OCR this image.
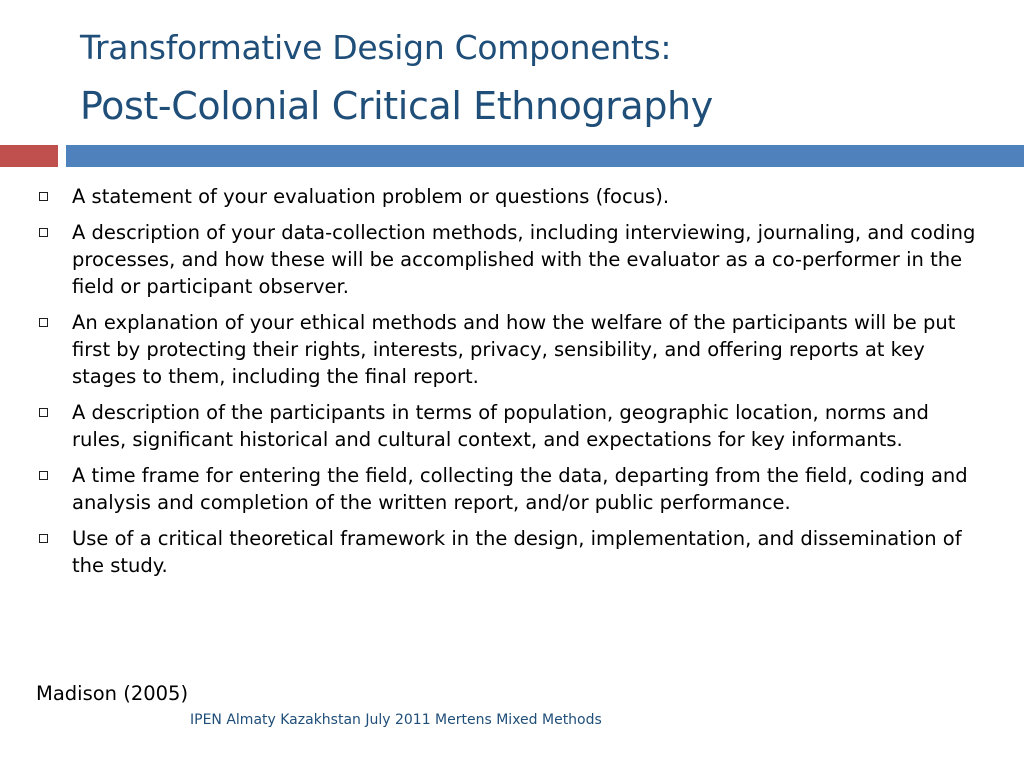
Transformative Design Components:
Post-Colonial Critical Ethnography
A statement of your evaluation problem or questions (focus).
A description of your data-collection methods, including interviewing, journaling, and coding processes, and how these will be accomplished with the evaluator as a co-performer in the field or participant observer.
An explanation of your ethical methods and how the welfare of the participants will be put first by protecting their rights, interests, privacy, sensibility, and offering reports at key stages to them, including the final report.
A description of the participants in terms of population, geographic location, norms and rules, significant historical and cultural context, and expectations for key informants.
A time frame for entering the field, collecting the data, departing from the field, coding and analysis and completion of the written report, and/or public performance.
Use of a critical theoretical framework in the design, implementation, and dissemination of the study.
Madison (2005)
IPEN Almaty Kazakhstan July 2011 Mertens Mixed Methods
